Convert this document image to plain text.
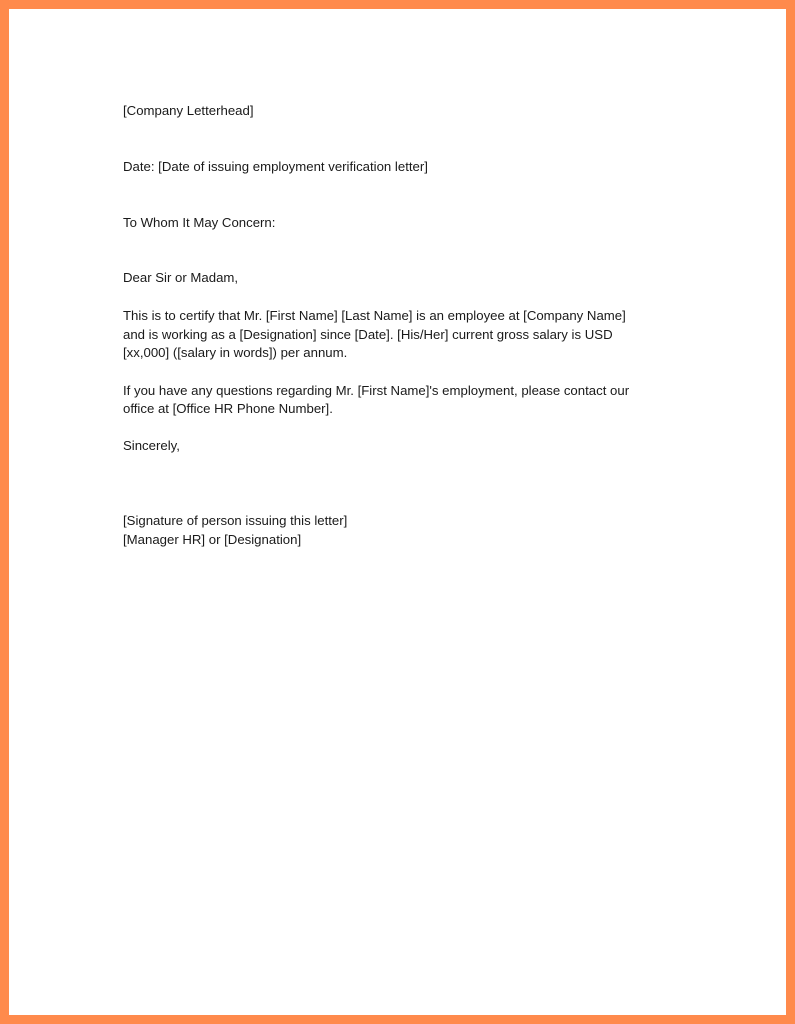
[Company Letterhead]
Date: [Date of issuing employment verification letter]
To Whom It May Concern:
Dear Sir or Madam,
This is to certify that Mr. [First Name] [Last Name] is an employee at [Company Name]
and is working as a [Designation] since [Date]. [His/Her] current gross salary is USD
[xx,000] ([salary in words]) per annum.
If you have any questions regarding Mr. [First Name]'s employment, please contact our
office at [Office HR Phone Number].
Sincerely,
[Signature of person issuing this letter]
[Manager HR] or [Designation]
